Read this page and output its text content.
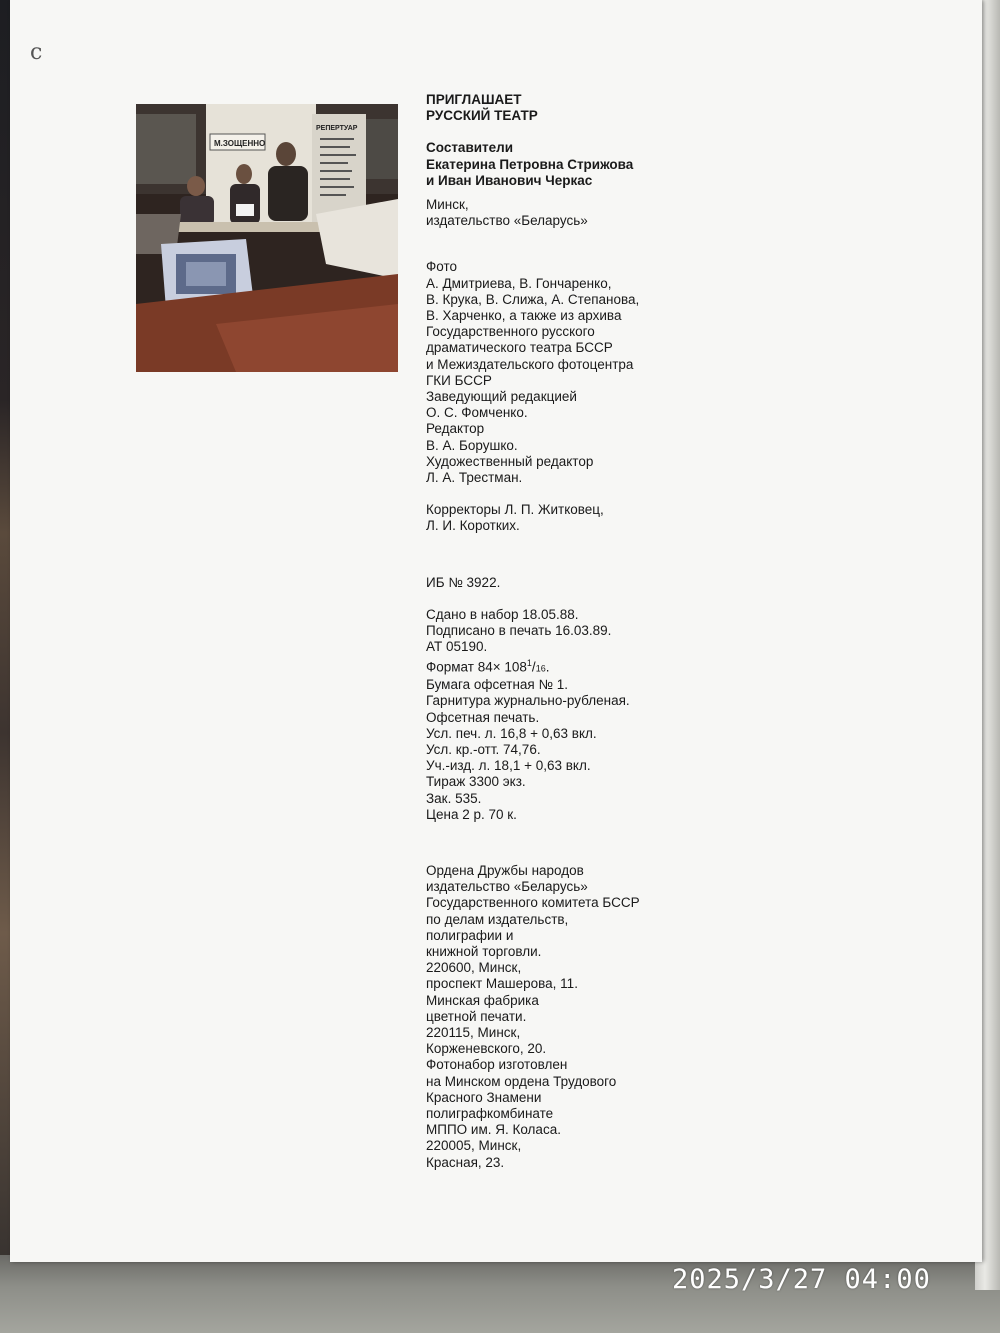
с
М.ЗОЩЕННО
РЕПЕРТУАР
ПРИГЛАШАЕТ
РУССКИЙ ТЕАТР
Составители
Екатерина Петровна Стрижова
и Иван Иванович Черкас
Минск,
издательство «Беларусь»
Фото
А. Дмитриева, В. Гончаренко,
В. Крука, В. Слижа, А. Степанова,
В. Харченко, а также из архива
Государственного русского
драматического театра БССР
и Межиздательского фотоцентра
ГКИ БССР
Заведующий редакцией
О. С. Фомченко.
Редактор
В. А. Борушко.
Художественный редактор
Л. А. Трестман.
Корректоры Л. П. Житковец,
Л. И. Коротких.
ИБ № 3922.
Сдано в набор 18.05.88.
Подписано в печать 16.03.89.
АТ 05190.
Формат $84\times 108^1/16$.
Бумага офсетная № 1.
Гарнитура журнально-рубленая.
Офсетная печать.
Усл. печ. л. 16,8 + 0,63 вкл.
Усл. кр.-отт. 74,76.
Уч.-изд. л. 18,1 + 0,63 вкл.
Тираж 3300 экз.
Зак. 535.
Цена 2 р. 70 к.
Ордена Дружбы народов
издательство «Беларусь»
Государственного комитета БССР
по делам издательств,
полиграфии и
книжной торговли.
220600, Минск,
проспект Машерова, 11.
Минская фабрика
цветной печати.
220115, Минск,
Корженевского, 20.
Фотонабор изготовлен
на Минском ордена Трудового
Красного Знамени
полиграфкомбинате
МППО им. Я. Коласа.
220005, Минск,
Красная, 23.
2025/3/27 04:00
